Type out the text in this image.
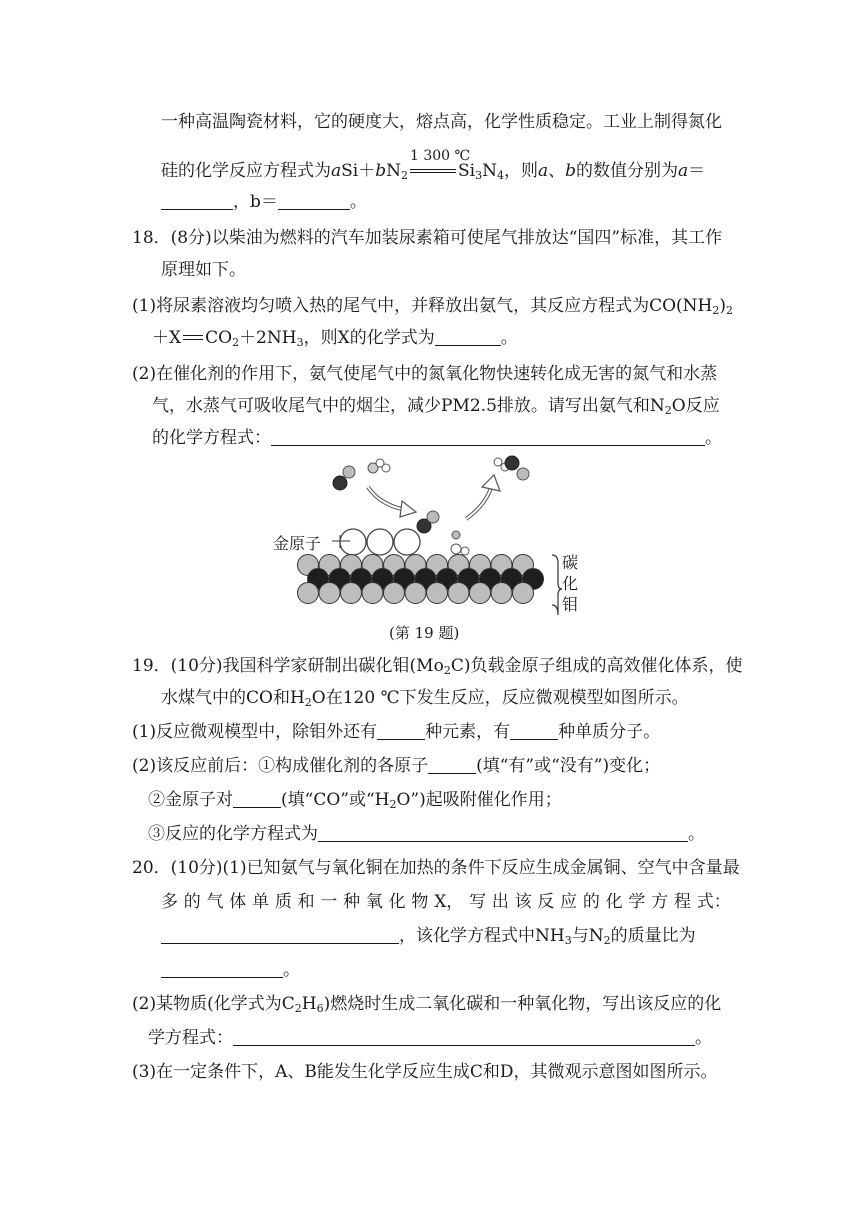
一种高温陶瓷材料，它的硬度大，熔点高，化学性质稳定。工业上制得氮化
硅的化学反应方程式为$aSi+bN_2$
1 300 ℃
$Si_3N_4$，则a、b的数值分别为a＝
，b＝	。
18．(8分)以柴油为燃料的汽车加装尿素箱可使尾气排放达“国四”标准，其工作
原理如下。
(1)将尿素溶液均匀喷入热的尾气中，并释放出氨气，其反应方程式为$CO(NH_2)_2$
＋X $CO_2+2NH_3$，则X的化学式为	。
(2)在催化剂的作用下，氨气使尾气中的氮氧化物快速转化成无害的氮气和水蒸
气，水蒸气可吸收尾气中的烟尘，减少PM2.5排放。请写出氨气和$N_2O$反应
的化学方程式：	。
金原子
碳
化
钼
(第 19 题)
19．(10分)我国科学家研制出碳化钼$(Mo_2C)$负载金原子组成的高效催化体系，使
水煤气中的CO和$H_2O$在120 ℃下发生反应，反应微观模型如图所示。
(1)反应微观模型中，除钼外还有	种元素，有	种单质分子。
(2)该反应前后：①构成催化剂的各原子	(填“有”或“没有”)变化；
②金原子对	(填“CO”或“$H_2O$”)起吸附催化作用；
③反应的化学方程式为	。
20．(10分)(1)已知氨气与氧化铜在加热的条件下反应生成金属铜、空气中含量最
多 的 气 体 单 质 和 一 种 氧 化 物 X， 写 出 该 反 应 的 化 学 方 程 式：
，该化学方程式中$NH_3$与$N_2$的质量比为
。
(2)某物质(化学式为$C_2H_6$)燃烧时生成二氧化碳和一种氧化物，写出该反应的化
学方程式：	。
(3)在一定条件下，A、B能发生化学反应生成C和D，其微观示意图如图所示。
